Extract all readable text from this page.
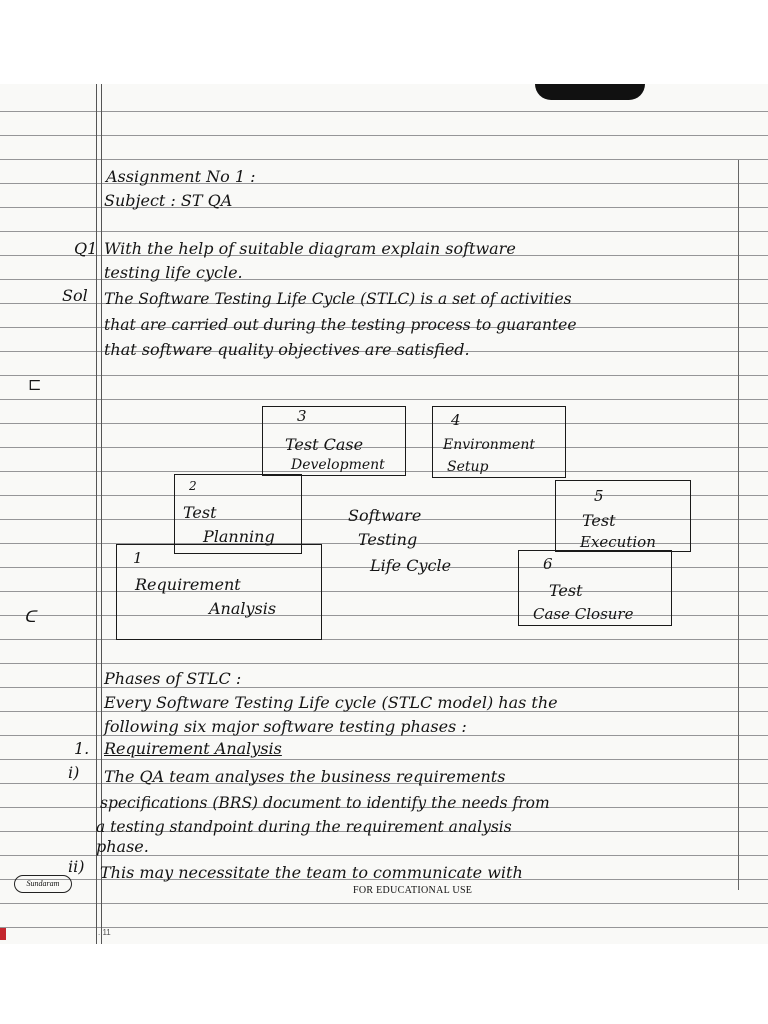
Assignment No 1 :
Subject : ST QA
Q1 With the help of suitable diagram explain software
testing life cycle.
Sol The Software Testing Life Cycle (STLC) is a set of activities
that are carried out during the testing process to guarantee
that software quality objectives are satisfied.
⊏
ᑕ
3
Test Case
Development
4
Environment
Setup
2
Test
Planning
Software
Testing
Life Cycle
5
Test
Execution
1
Requirement
Analysis
6
Test
Case Closure
Phases of STLC :
Every Software Testing Life cycle (STLC model) has the
following six major software testing phases :
1. Requirement Analysis
i) The QA team analyses the business requirements
specifications (BRS) document to identify the needs from
a testing standpoint during the requirement analysis
phase.
ii) This may necessitate the team to communicate with
Sundaram
FOR EDUCATIONAL USE
..11
